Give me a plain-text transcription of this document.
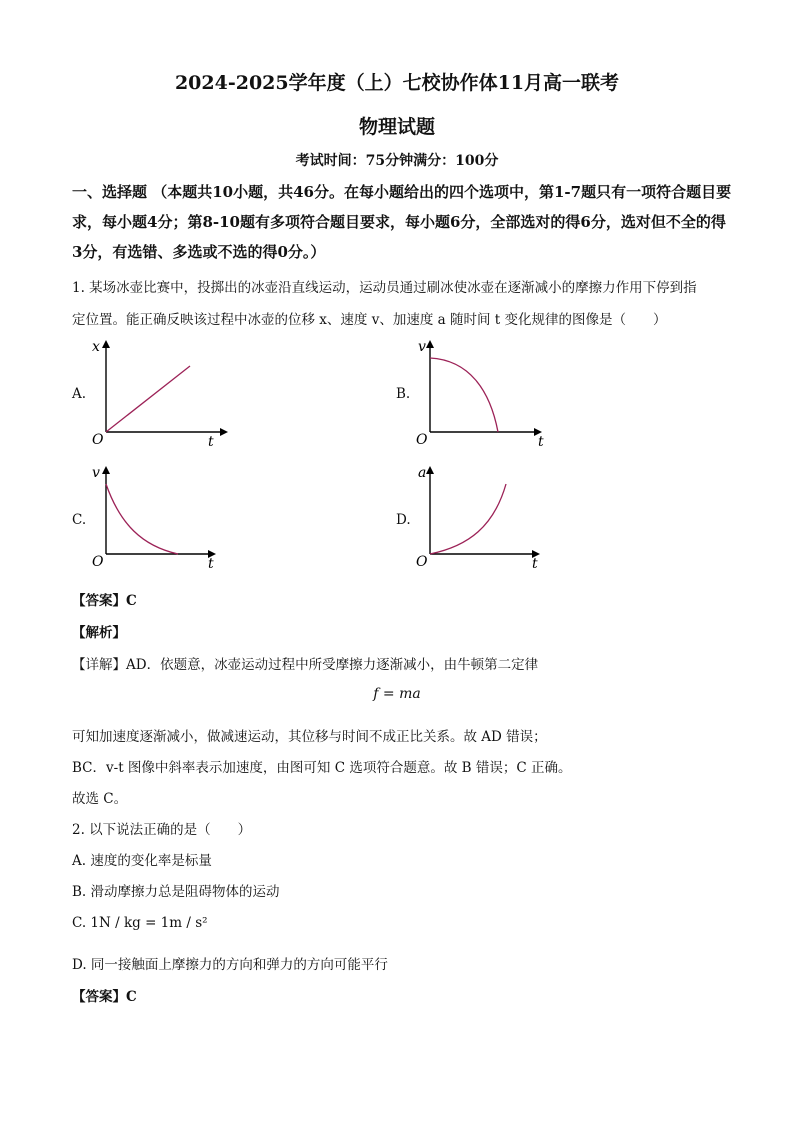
2024-2025学年度（上）七校协作体11月高一联考
物理试题
考试时间：75分钟满分：100分
一、选择题 （本题共10小题，共46分。在每小题给出的四个选项中，第1-7题只有一项符合题目要求，每小题4分；第8-10题有多项符合题目要求，每小题6分，全部选对的得6分，选对但不全的得3分，有选错、多选或不选的得0分。）
1. 某场冰壶比赛中，投掷出的冰壶沿直线运动，运动员通过刷冰使冰壶在逐渐减小的摩擦力作用下停到指
定位置。能正确反映该过程中冰壶的位移 x、速度 v、加速度 a 随时间 t 变化规律的图像是（　　）
A.
x
t
O
B.
v
t
O
C.
v
t
O
D.
a
t
O
【答案】C
【解析】
【详解】AD．依题意，冰壶运动过程中所受摩擦力逐渐减小，由牛顿第二定律
f = ma
可知加速度逐渐减小，做减速运动，其位移与时间不成正比关系。故 AD 错误；
BC．v-t 图像中斜率表示加速度，由图可知 C 选项符合题意。故 B 错误；C 正确。
故选 C。
2. 以下说法正确的是（　　）
A. 速度的变化率是标量
B. 滑动摩擦力总是阻碍物体的运动
C. 1N / kg = 1m / s²
D. 同一接触面上摩擦力的方向和弹力的方向可能平行
【答案】C
